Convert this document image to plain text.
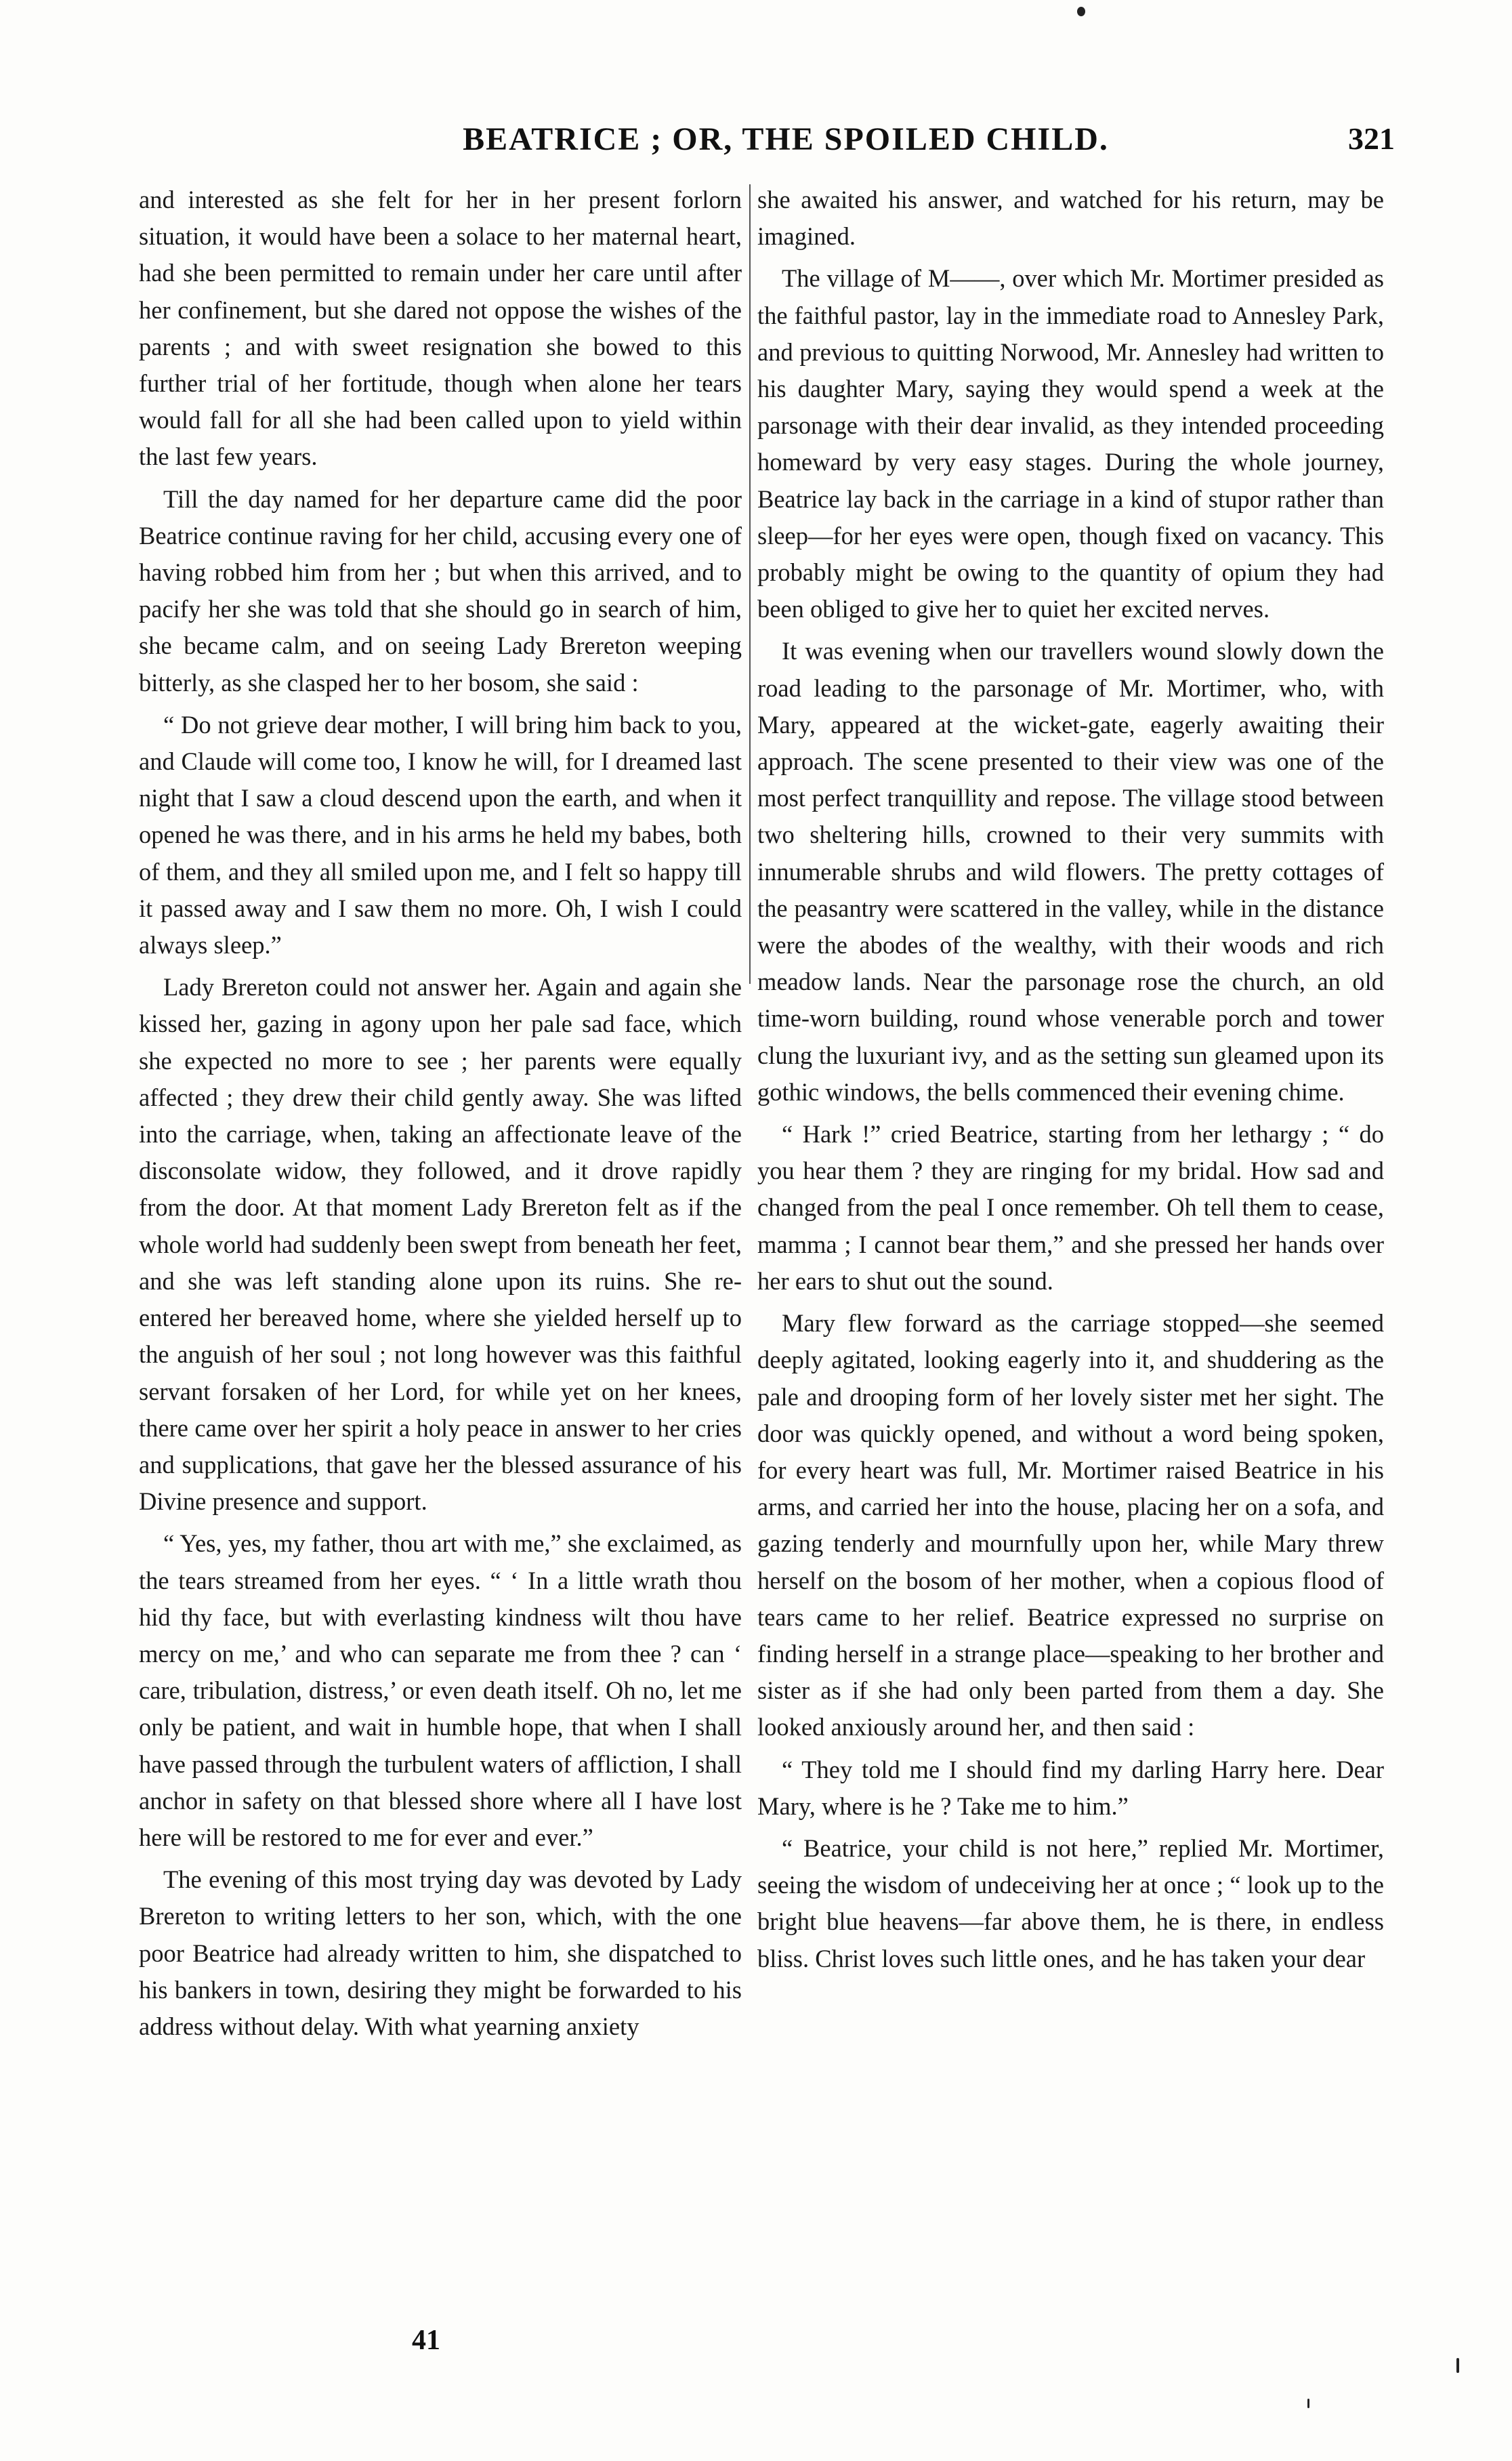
BEATRICE ; OR, THE SPOILED CHILD.	321

and interested as she felt for her in her present forlorn situation, it would have been a solace to her maternal heart, had she been permitted to remain under her care until after her confinement, but she dared not oppose the wishes of the parents ; and with sweet resignation she bowed to this further trial of her fortitude, though when alone her tears would fall for all she had been called upon to yield within the last few years.

Till the day named for her departure came did the poor Beatrice continue raving for her child, accusing every one of having robbed him from her ; but when this arrived, and to pacify her she was told that she should go in search of him, she became calm, and on seeing Lady Brereton weeping bitterly, as she clasped her to her bosom, she said :

“ Do not grieve dear mother, I will bring him back to you, and Claude will come too, I know he will, for I dreamed last night that I saw a cloud descend upon the earth, and when it opened he was there, and in his arms he held my babes, both of them, and they all smiled upon me, and I felt so happy till it passed away and I saw them no more. Oh, I wish I could always sleep.”

Lady Brereton could not answer her. Again and again she kissed her, gazing in agony upon her pale sad face, which she expected no more to see ; her parents were equally affected ; they drew their child gently away. She was lifted into the carriage, when, taking an affectionate leave of the disconsolate widow, they followed, and it drove rapidly from the door. At that moment Lady Brereton felt as if the whole world had suddenly been swept from beneath her feet, and she was left standing alone upon its ruins. She re-entered her bereaved home, where she yielded herself up to the anguish of her soul ; not long however was this faithful servant forsaken of her Lord, for while yet on her knees, there came over her spirit a holy peace in answer to her cries and supplications, that gave her the blessed assurance of his Divine presence and support.

“ Yes, yes, my father, thou art with me,” she exclaimed, as the tears streamed from her eyes. “ ‘ In a little wrath thou hid thy face, but with everlasting kindness wilt thou have mercy on me,’ and who can separate me from thee ? can ‘ care, tribulation, distress,’ or even death itself. Oh no, let me only be patient, and wait in humble hope, that when I shall have passed through the turbulent waters of affliction, I shall anchor in safety on that blessed shore where all I have lost here will be restored to me for ever and ever.”

The evening of this most trying day was devoted by Lady Brereton to writing letters to her son, which, with the one poor Beatrice had already written to him, she dispatched to his bankers in town, desiring they might be forwarded to his address without delay. With what yearning anxiety

she awaited his answer, and watched for his return, may be imagined.

The village of M——, over which Mr. Mortimer presided as the faithful pastor, lay in the immediate road to Annesley Park, and previous to quitting Norwood, Mr. Annesley had written to his daughter Mary, saying they would spend a week at the parsonage with their dear invalid, as they intended proceeding homeward by very easy stages. During the whole journey, Beatrice lay back in the carriage in a kind of stupor rather than sleep—for her eyes were open, though fixed on vacancy. This probably might be owing to the quantity of opium they had been obliged to give her to quiet her excited nerves.

It was evening when our travellers wound slowly down the road leading to the parsonage of Mr. Mortimer, who, with Mary, appeared at the wicket-gate, eagerly awaiting their approach. The scene presented to their view was one of the most perfect tranquillity and repose. The village stood between two sheltering hills, crowned to their very summits with innumerable shrubs and wild flowers. The pretty cottages of the peasantry were scattered in the valley, while in the distance were the abodes of the wealthy, with their woods and rich meadow lands. Near the parsonage rose the church, an old time-worn building, round whose venerable porch and tower clung the luxuriant ivy, and as the setting sun gleamed upon its gothic windows, the bells commenced their evening chime.

“ Hark !” cried Beatrice, starting from her lethargy ; “ do you hear them ? they are ringing for my bridal. How sad and changed from the peal I once remember. Oh tell them to cease, mamma ; I cannot bear them,” and she pressed her hands over her ears to shut out the sound.

Mary flew forward as the carriage stopped—she seemed deeply agitated, looking eagerly into it, and shuddering as the pale and drooping form of her lovely sister met her sight. The door was quickly opened, and without a word being spoken, for every heart was full, Mr. Mortimer raised Beatrice in his arms, and carried her into the house, placing her on a sofa, and gazing tenderly and mournfully upon her, while Mary threw herself on the bosom of her mother, when a copious flood of tears came to her relief. Beatrice expressed no surprise on finding herself in a strange place—speaking to her brother and sister as if she had only been parted from them a day. She looked anxiously around her, and then said :

“ They told me I should find my darling Harry here. Dear Mary, where is he ? Take me to him.”

“ Beatrice, your child is not here,” replied Mr. Mortimer, seeing the wisdom of undeceiving her at once ; “ look up to the bright blue heavens—far above them, he is there, in endless bliss. Christ loves such little ones, and he has taken your dear

41
